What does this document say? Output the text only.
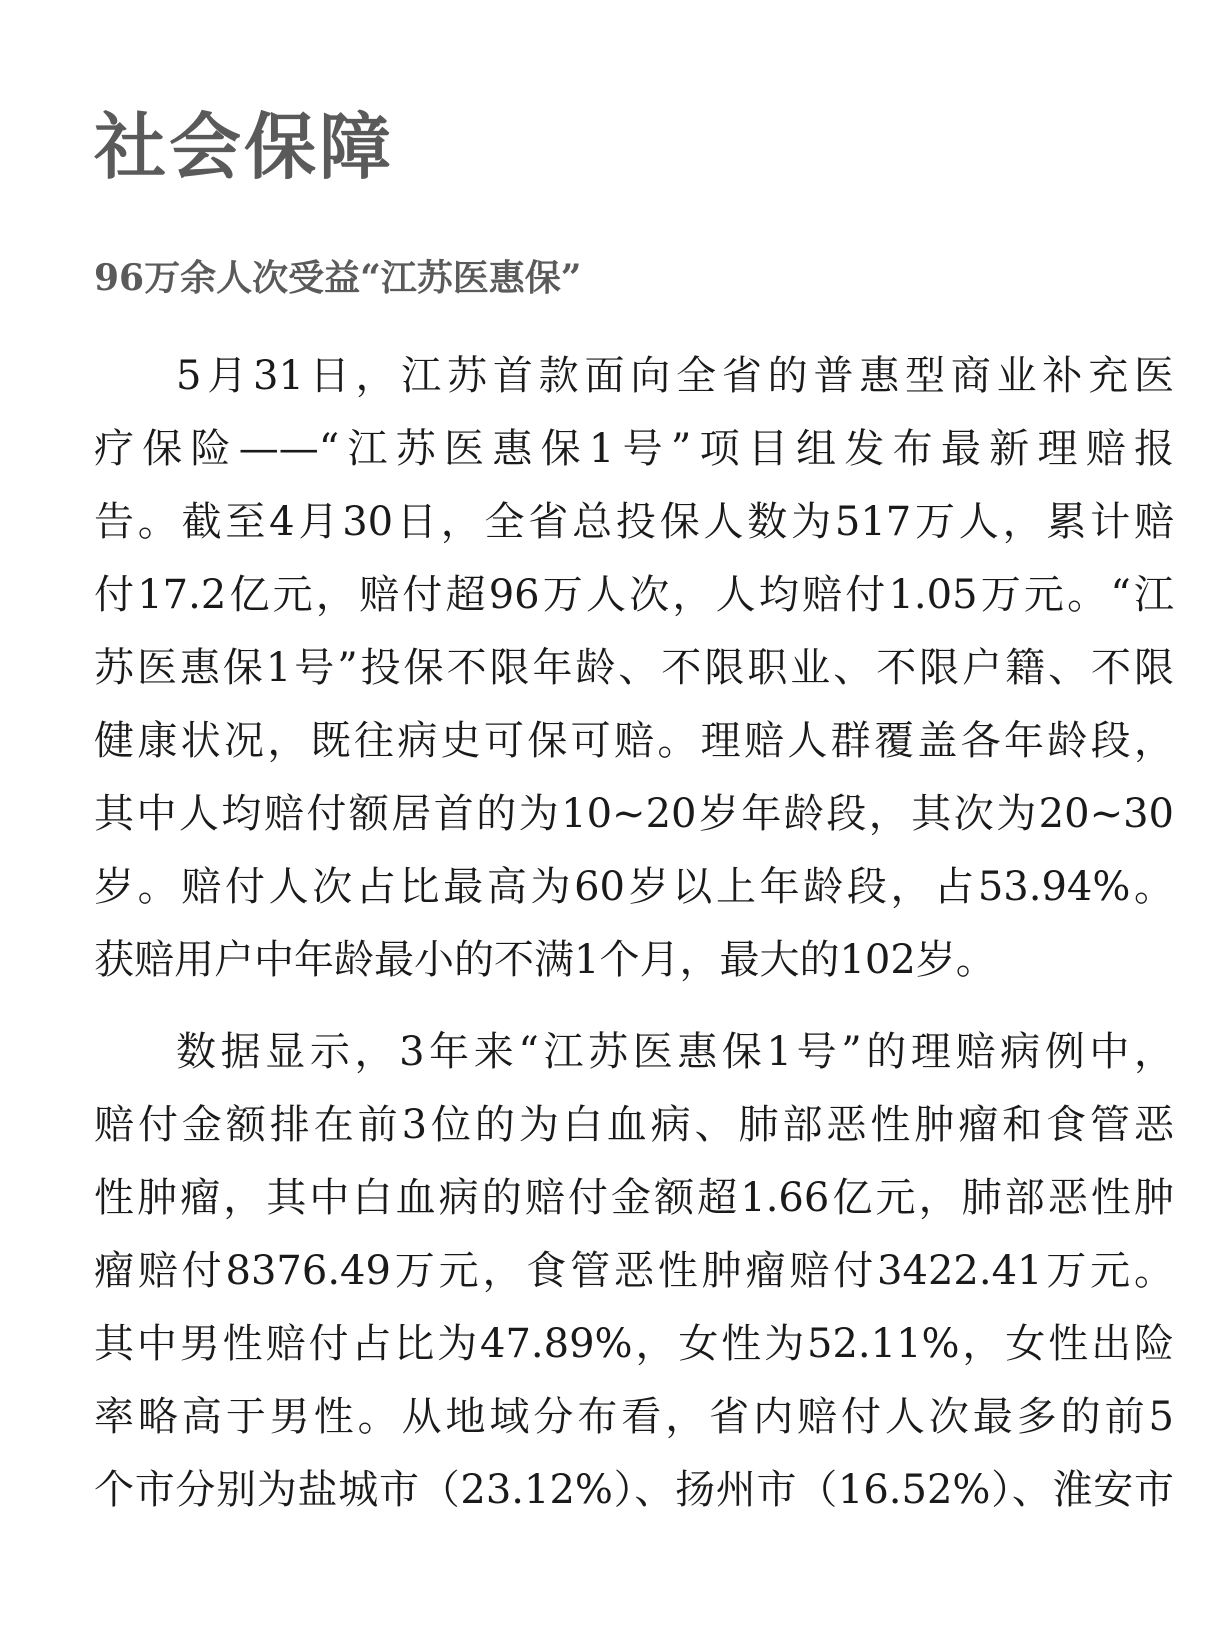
社会保障
96万余人次受益“江苏医惠保”
5月31日，江苏首款面向全省的普惠型商业补充医
疗保险——“江苏医惠保1号”项目组发布最新理赔报
告。截至4月30日，全省总投保人数为517万人，累计赔
付17.2亿元，赔付超96万人次，人均赔付1.05万元。“江
苏医惠保1号”投保不限年龄、不限职业、不限户籍、不限
健康状况，既往病史可保可赔。理赔人群覆盖各年龄段，
其中人均赔付额居首的为10~20岁年龄段，其次为20~30
岁。赔付人次占比最高为60岁以上年龄段，占53.94%。
获赔用户中年龄最小的不满1个月，最大的102岁。
数据显示，3年来“江苏医惠保1号”的理赔病例中，
赔付金额排在前3位的为白血病、肺部恶性肿瘤和食管恶
性肿瘤，其中白血病的赔付金额超1.66亿元，肺部恶性肿
瘤赔付8376.49万元，食管恶性肿瘤赔付3422.41万元。
其中男性赔付占比为47.89%，女性为52.11%，女性出险
率略高于男性。从地域分布看，省内赔付人次最多的前5
个市分别为盐城市（23.12%）、扬州市（16.52%）、淮安市
